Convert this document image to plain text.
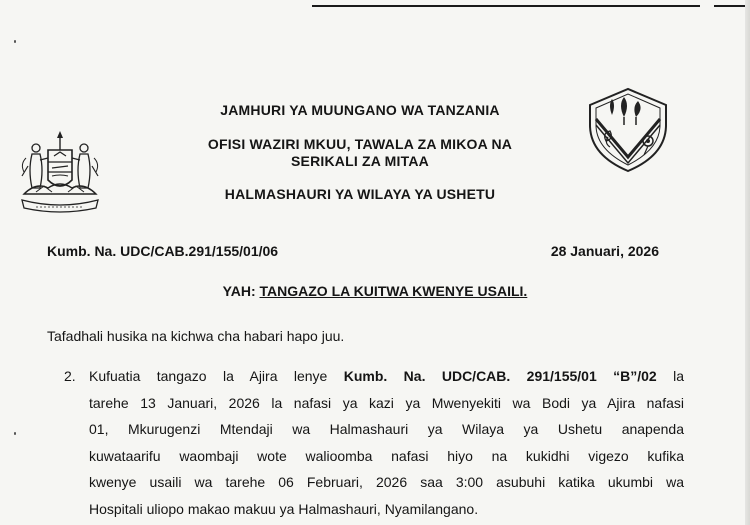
JAMHURI YA MUUNGANO WA TANZANIA
OFISI WAZIRI MKUU, TAWALA ZA MIKOA NA
SERIKALI ZA MITAA
HALMASHAURI YA WILAYA YA USHETU
Kumb. Na. UDC/CAB.291/155/01/06	28 Januari, 2026
YAH: TANGAZO LA KUITWA KWENYE USAILI.
Tafadhali husika na kichwa cha habari hapo juu.
2. Kufuatia tangazo la Ajira lenye Kumb. Na. UDC/CAB. 291/155/01 “B”/02 la
tarehe 13 Januari, 2026 la nafasi ya kazi ya Mwenyekiti wa Bodi ya Ajira nafasi
01, Mkurugenzi Mtendaji wa Halmashauri ya Wilaya ya Ushetu anapenda
kuwataarifu waombaji wote walioomba nafasi hiyo na kukidhi vigezo kufika
kwenye usaili wa tarehe 06 Februari, 2026 saa 3:00 asubuhi katika ukumbi wa
Hospitali uliopo makao makuu ya Halmashauri, Nyamilangano.
